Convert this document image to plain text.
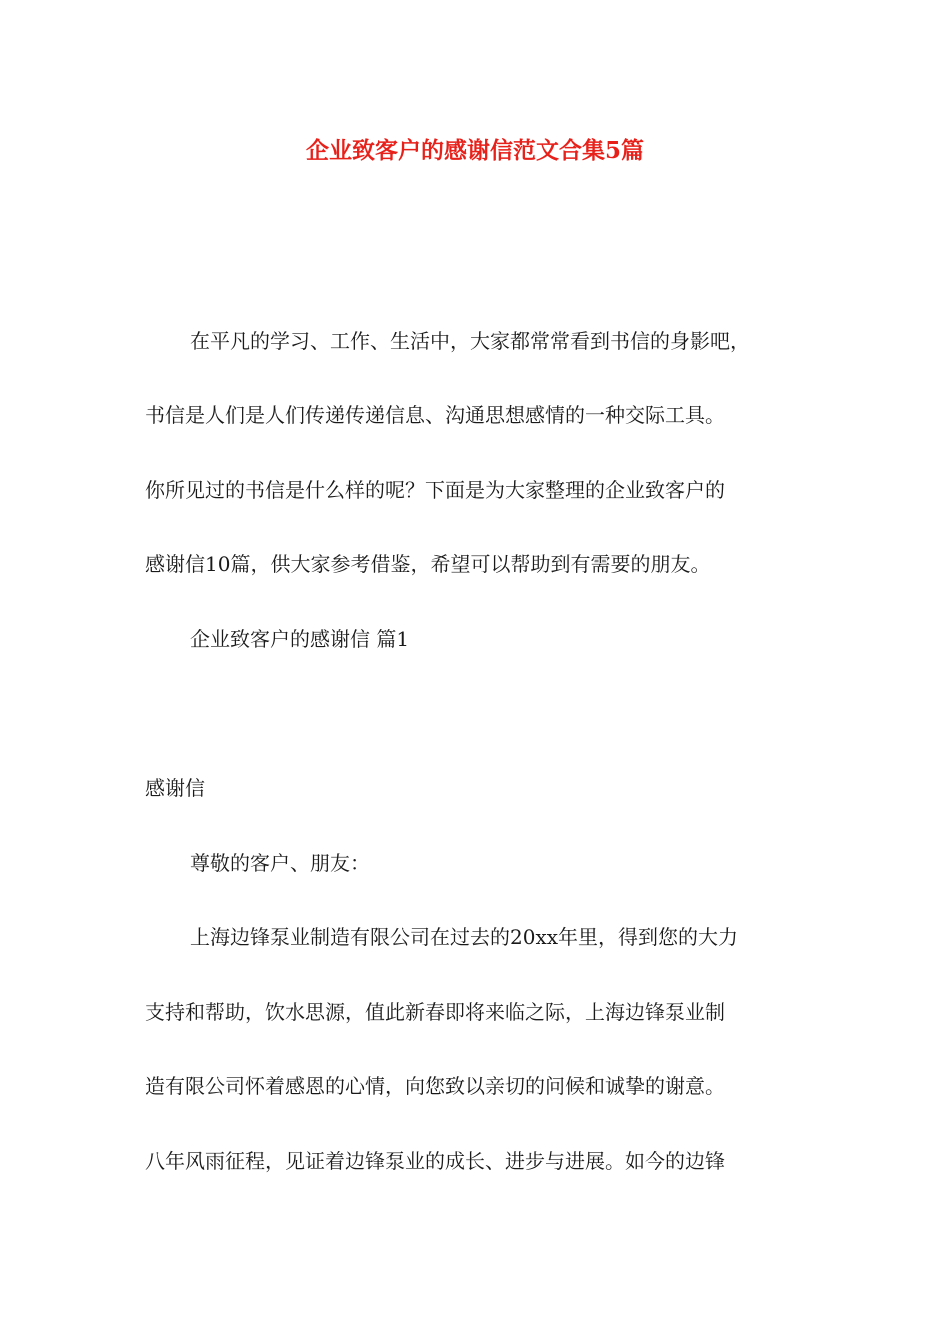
企业致客户的感谢信范文合集5篇
在平凡的学习、工作、生活中，大家都常常看到书信的身影吧，
书信是人们是人们传递传递信息、沟通思想感情的一种交际工具。
你所见过的书信是什么样的呢？下面是为大家整理的企业致客户的
感谢信10篇，供大家参考借鉴，希望可以帮助到有需要的朋友。
企业致客户的感谢信 篇1
感谢信
尊敬的客户、朋友：
上海边锋泵业制造有限公司在过去的20xx年里，得到您的大力
支持和帮助，饮水思源，值此新春即将来临之际，上海边锋泵业制
造有限公司怀着感恩的心情，向您致以亲切的问候和诚挚的谢意。
八年风雨征程，见证着边锋泵业的成长、进步与进展。如今的边锋
